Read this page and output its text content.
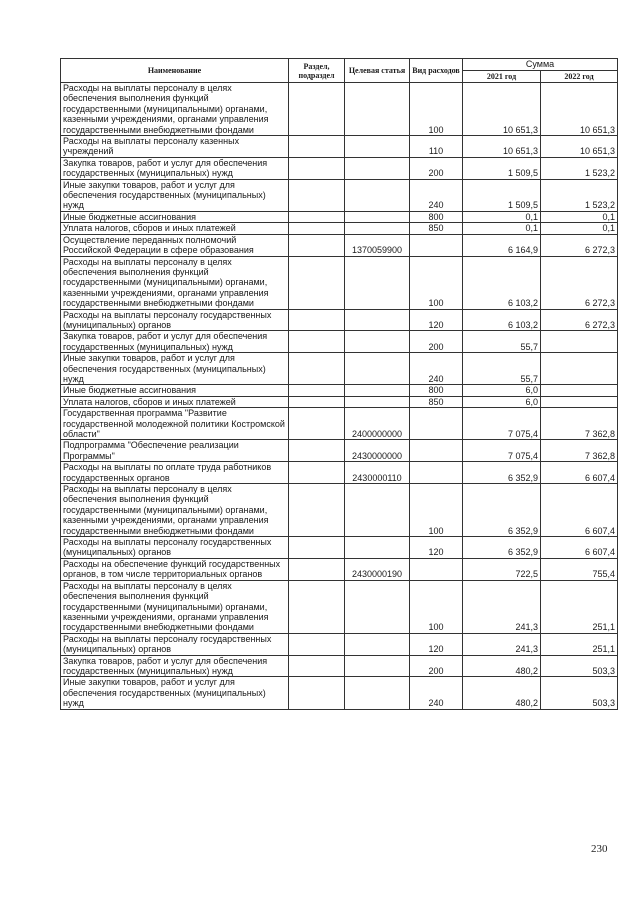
Наименование	Раздел, подраздел	Целевая статья	Вид расходов	Сумма	
				2021 год	2022 год
Расходы на выплаты персоналу в целях обеспечения выполнения функций государственными (муниципальными) органами, казенными учреждениями, органами управления государственными внебюджетными фондами			100	10 651,3	10 651,3
Расходы на выплаты персоналу казенных учреждений			110	10 651,3	10 651,3
Закупка товаров, работ и услуг для обеспечения государственных (муниципальных) нужд			200	1 509,5	1 523,2
Иные закупки товаров, работ и услуг для обеспечения государственных (муниципальных) нужд			240	1 509,5	1 523,2
Иные бюджетные ассигнования			800	0,1	0,1
Уплата налогов, сборов и иных платежей			850	0,1	0,1
Осуществление переданных полномочий Российской Федерации в сфере образования		1370059900		6 164,9	6 272,3
Расходы на выплаты персоналу в целях обеспечения выполнения функций государственными (муниципальными) органами, казенными учреждениями, органами управления государственными внебюджетными фондами			100	6 103,2	6 272,3
Расходы на выплаты персоналу государственных (муниципальных) органов			120	6 103,2	6 272,3
Закупка товаров, работ и услуг для обеспечения государственных (муниципальных) нужд			200	55,7	
Иные закупки товаров, работ и услуг для обеспечения государственных (муниципальных) нужд			240	55,7	
Иные бюджетные ассигнования			800	6,0	
Уплата налогов, сборов и иных платежей			850	6,0	
Государственная программа "Развитие государственной молодежной политики Костромской области"		2400000000		7 075,4	7 362,8
Подпрограмма "Обеспечение реализации Программы"		2430000000		7 075,4	7 362,8
Расходы на выплаты по оплате труда работников государственных органов		2430000110		6 352,9	6 607,4
Расходы на выплаты персоналу в целях обеспечения выполнения функций государственными (муниципальными) органами, казенными учреждениями, органами управления государственными внебюджетными фондами			100	6 352,9	6 607,4
Расходы на выплаты персоналу государственных (муниципальных) органов			120	6 352,9	6 607,4
Расходы на обеспечение функций государственных органов, в том числе территориальных органов		2430000190		722,5	755,4
Расходы на выплаты персоналу в целях обеспечения выполнения функций государственными (муниципальными) органами, казенными учреждениями, органами управления государственными внебюджетными фондами			100	241,3	251,1
Расходы на выплаты персоналу государственных (муниципальных) органов			120	241,3	251,1
Закупка товаров, работ и услуг для обеспечения государственных (муниципальных) нужд			200	480,2	503,3
Иные закупки товаров, работ и услуг для обеспечения государственных (муниципальных) нужд			240	480,2	503,3
230
